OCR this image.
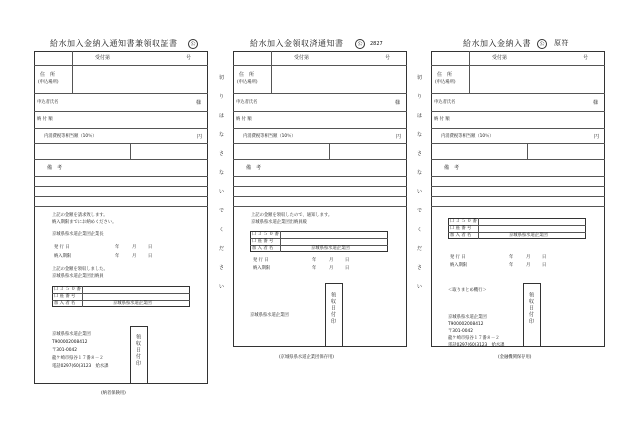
給水加入金納入通知書兼領収証書	公
受付第	号
住　所
(申込場所)
申込者氏名	様
納 付 額
内消費税等相当額（10％）	円
備　考
上記の金額を請求致します。
納入期限までにお納めください。
京城県県水道企業団企業長
発 行 日	年	月	日
納入期限	年	月	日
上記の金額を領収しました。
京城県県水道企業団出納員
口 ３ ５ ０ 番
口 座 番 号
加 入 者 名	京城県県水道企業団
京城県県水道企業団
T900002008412
〒301-0042
龍ケ崎市県谷１７番８－２
電話0297(60)3123　給水課
領 収 日 付 印
(納者保険用)
切
り
は
な
さ
な
い
で
く
だ
さ
い
給水加入金領収済通知書	公	2827
受付第	号
住　所
(申込場所)
申込者氏名	様
納 付 額
内消費税等相当額（10％）	円
備　考
上記の金額を領収したので、通知します。
京城県県水道企業団出納員殿
口 ３ ５ ０ 番
口 座 番 号
加 入 者 名	京城県県水道企業団
発 行 日	年	月	日
納入期限	年	月	日
京城県県水道企業団	領 収 日 付 印
(京城県県水道企業団保存用)
切
り
は
な
さ
な
い
で
く
だ
さ
い
給水加入金納入書	公	原符
受付第	号
住　所
(申込場所)
申込者氏名	様
納 付 額
内消費税等相当額（10％）	円
備　考
口 ３ ５ ０ 番
口 座 番 号
加 入 者 名	京城県県水道企業団
発 行 日	年	月	日
納入期限	年	月	日
＜取りまとめ機行＞
京城県県水道企業団
T900002008412
〒301-0042
龍ケ崎市県谷１７番８－２
電話0297(60)3123　給水課
領 収 日 付 印
(金融機関保存用)
